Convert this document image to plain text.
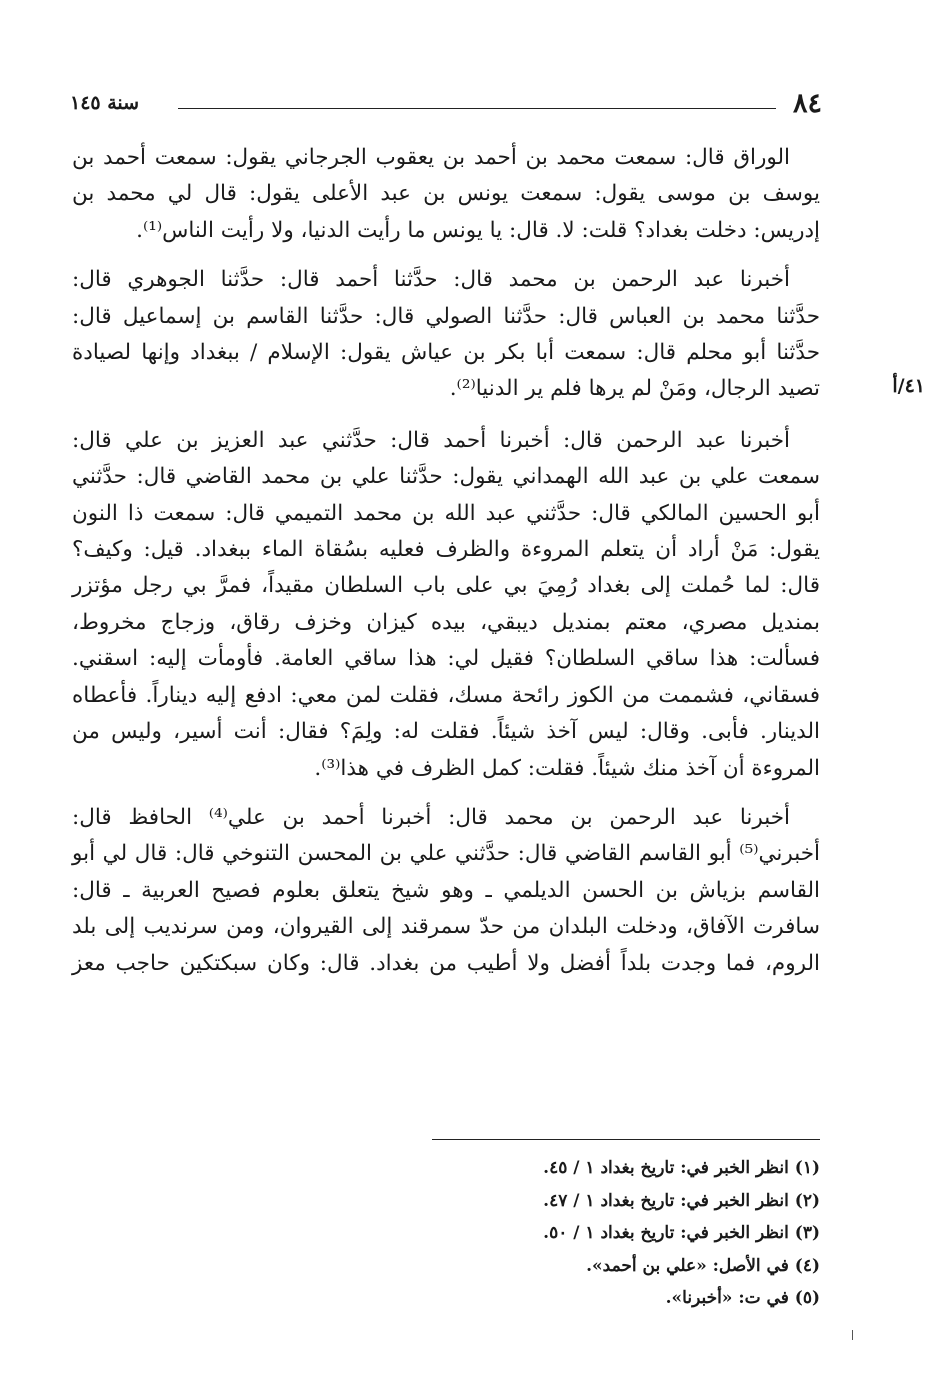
٨٤
سنة ١٤٥
٤١/أ

الوراق قال: سمعت محمد بن أحمد بن يعقوب الجرجاني يقول: سمعت أحمد بن

يوسف بن موسى يقول: سمعت يونس بن عبد الأعلى يقول: قال لي محمد بن

إدريس: دخلت بغداد؟ قلت: لا. قال: يا يونس ما رأيت الدنيا، ولا رأيت الناس⁽¹⁾.

أخبرنا عبد الرحمن بن محمد قال: حدَّثنا أحمد قال: حدَّثنا الجوهري قال:

حدَّثنا محمد بن العباس قال: حدَّثنا الصولي قال: حدَّثنا القاسم بن إسماعيل قال:

حدَّثنا أبو محلم قال: سمعت أبا بكر بن عياش يقول: الإسلام / ببغداد وإنها لصيادة

تصيد الرجال، ومَنْ لم يرها فلم ير الدنيا⁽²⁾.

أخبرنا عبد الرحمن قال: أخبرنا أحمد قال: حدَّثني عبد العزيز بن علي قال:

سمعت علي بن عبد الله الهمداني يقول: حدَّثنا علي بن محمد القاضي قال: حدَّثني

أبو الحسين المالكي قال: حدَّثني عبد الله بن محمد التميمي قال: سمعت ذا النون

يقول: مَنْ أراد أن يتعلم المروءة والظرف فعليه بسُقاة الماء ببغداد. قيل: وكيف؟

قال: لما حُملت إلى بغداد رُمِيَ بي على باب السلطان مقيداً، فمرَّ بي رجل مؤتزر

بمنديل مصري، معتم بمنديل ديبقي، بيده كيزان وخزف رقاق، وزجاج مخروط،

فسألت: هذا ساقي السلطان؟ فقيل لي: هذا ساقي العامة. فأومأت إليه: اسقني.

فسقاني، فشممت من الكوز رائحة مسك، فقلت لمن معي: ادفع إليه ديناراً. فأعطاه

الدينار. فأبى. وقال: ليس آخذ شيئاً. فقلت له: ولِمَ؟ فقال: أنت أسير، وليس من

المروءة أن آخذ منك شيئاً. فقلت: كمل الظرف في هذا⁽³⁾.

أخبرنا عبد الرحمن بن محمد قال: أخبرنا أحمد بن علي⁽⁴⁾ الحافظ قال:

أخبرني⁽⁵⁾ أبو القاسم القاضي قال: حدَّثني علي بن المحسن التنوخي قال: قال لي أبو

القاسم بزياش بن الحسن الديلمي ـ وهو شيخ يتعلق بعلوم فصيح العربية ـ قال:

سافرت الآفاق، ودخلت البلدان من حدّ سمرقند إلى القيروان، ومن سرنديب إلى بلد

الروم، فما وجدت بلداً أفضل ولا أطيب من بغداد. قال: وكان سبكتكين حاجب معز

(١) انظر الخبر في: تاريخ بغداد ١ / ٤٥.
(٢) انظر الخبر في: تاريخ بغداد ١ / ٤٧.
(٣) انظر الخبر في: تاريخ بغداد ١ / ٥٠.
(٤) في الأصل: «علي بن أحمد».
(٥) في ت: «أخبرنا».
